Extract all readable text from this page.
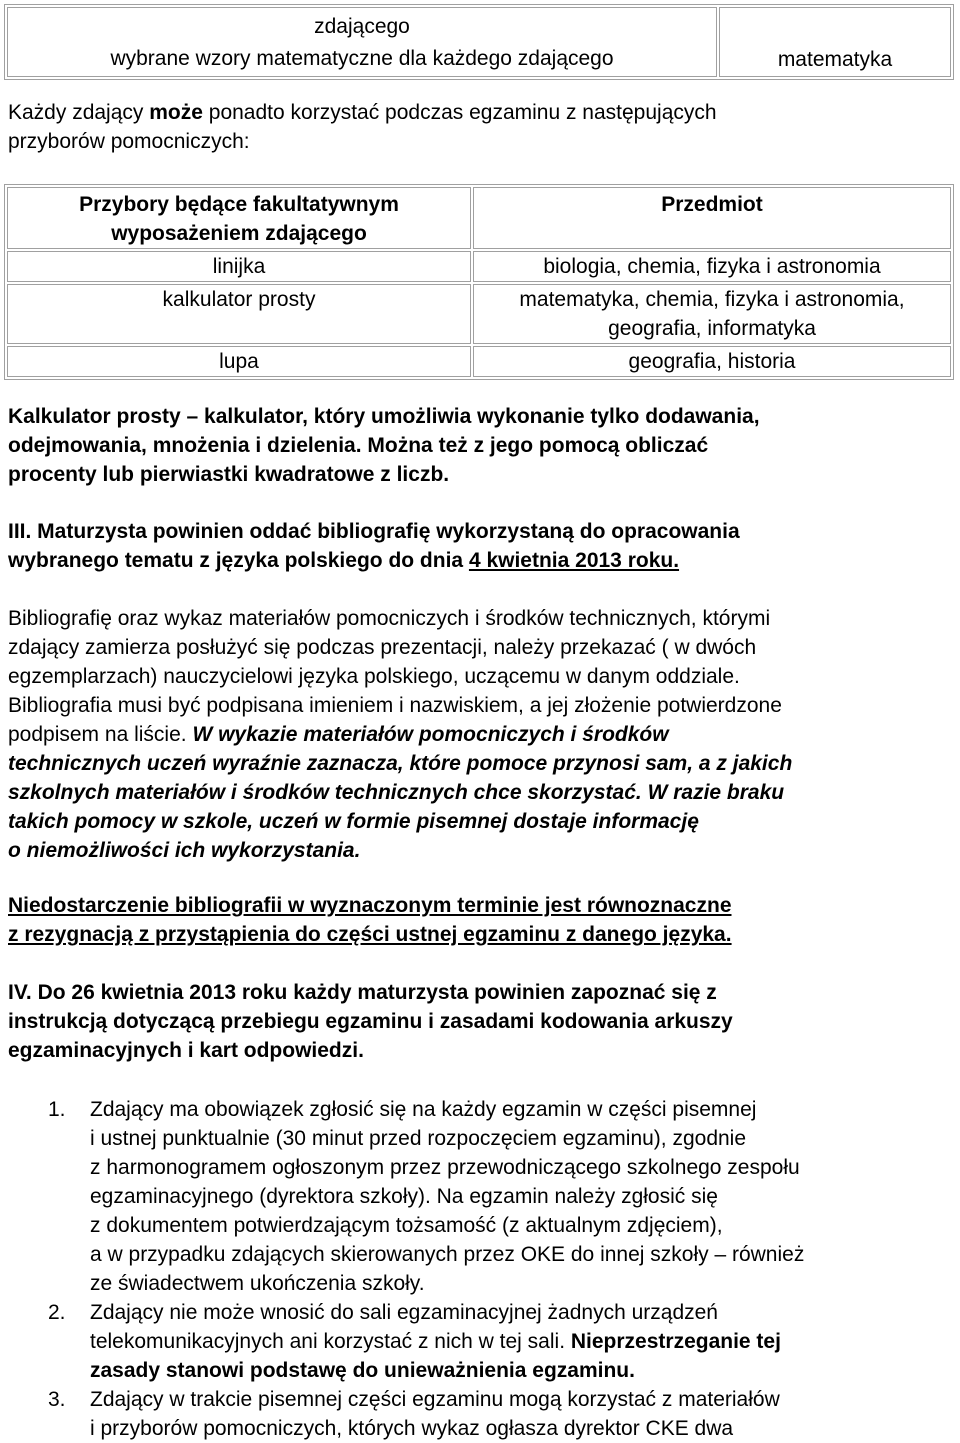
zdającego
wybrane wzory matematyczne dla każdego zdającego	matematyka

Każdy zdający może ponadto korzystać podczas egzaminu z następujących

przyborów pomocniczych:

Przybory będące fakultatywnym
wyposażeniem zdającego	Przedmiot
linijka	biologia, chemia, fizyka i astronomia
kalkulator prosty	matematyka, chemia, fizyka i astronomia,
geografia, informatyka

lupa	geografia, historia

Kalkulator prosty – kalkulator, który umożliwia wykonanie tylko dodawania,

odejmowania, mnożenia i dzielenia. Można też z jego pomocą obliczać

procenty lub pierwiastki kwadratowe z liczb.

III. Maturzysta powinien oddać bibliografię wykorzystaną do opracowania

wybranego tematu z języka polskiego do dnia 4 kwietnia 2013 roku.

Bibliografię oraz wykaz materiałów pomocniczych i środków technicznych, którymi

zdający zamierza posłużyć się podczas prezentacji, należy przekazać ( w dwóch

egzemplarzach) nauczycielowi języka polskiego, uczącemu w danym oddziale.

Bibliografia musi być podpisana imieniem i nazwiskiem, a jej złożenie potwierdzone

podpisem na liście. W wykazie materiałów pomocniczych i środków

technicznych uczeń wyraźnie zaznacza, które pomoce przynosi sam, a z jakich

szkolnych materiałów i środków technicznych chce skorzystać. W razie braku

takich pomocy w szkole, uczeń w formie pisemnej dostaje informację

o niemożliwości ich wykorzystania.

Niedostarczenie bibliografii w wyznaczonym terminie jest równoznaczne

z rezygnacją z przystąpienia do części ustnej egzaminu z danego języka.

IV. Do 26 kwietnia 2013 roku każdy maturzysta powinien zapoznać się z

instrukcją dotyczącą przebiegu egzaminu i zasadami kodowania arkuszy

egzaminacyjnych i kart odpowiedzi.

1. Zdający ma obowiązek zgłosić się na każdy egzamin w części pisemnej

i ustnej punktualnie (30 minut przed rozpoczęciem egzaminu), zgodnie

z harmonogramem ogłoszonym przez przewodniczącego szkolnego zespołu

egzaminacyjnego (dyrektora szkoły). Na egzamin należy zgłosić się

z dokumentem potwierdzającym tożsamość (z aktualnym zdjęciem),

a w przypadku zdających skierowanych przez OKE do innej szkoły – również

ze świadectwem ukończenia szkoły.

2. Zdający nie może wnosić do sali egzaminacyjnej żadnych urządzeń

telekomunikacyjnych ani korzystać z nich w tej sali. Nieprzestrzeganie tej

zasady stanowi podstawę do unieważnienia egzaminu.

3. Zdający w trakcie pisemnej części egzaminu mogą korzystać z materiałów

i przyborów pomocniczych, których wykaz ogłasza dyrektor CKE dwa
